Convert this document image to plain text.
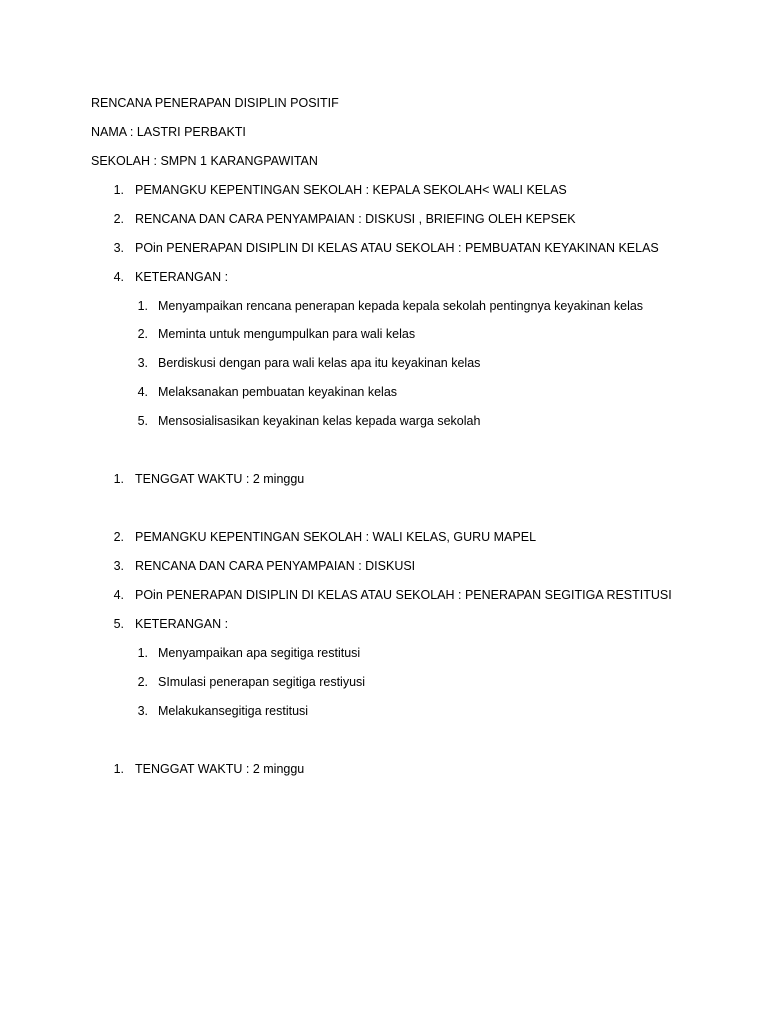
RENCANA PENERAPAN DISIPLIN POSITIF
NAMA : LASTRI PERBAKTI
SEKOLAH : SMPN 1 KARANGPAWITAN
1. PEMANGKU KEPENTINGAN SEKOLAH : KEPALA SEKOLAH< WALI KELAS
2. RENCANA DAN CARA PENYAMPAIAN : DISKUSI , BRIEFING OLEH KEPSEK
3. POin PENERAPAN DISIPLIN DI KELAS ATAU SEKOLAH : PEMBUATAN KEYAKINAN KELAS
4. KETERANGAN :
1. Menyampaikan rencana penerapan kepada kepala sekolah pentingnya keyakinan kelas
2. Meminta untuk mengumpulkan para wali kelas
3. Berdiskusi dengan para wali kelas apa itu keyakinan kelas
4. Melaksanakan pembuatan keyakinan kelas
5. Mensosialisasikan keyakinan kelas kepada warga sekolah
1. TENGGAT WAKTU : 2 minggu
2. PEMANGKU KEPENTINGAN SEKOLAH : WALI KELAS, GURU MAPEL
3. RENCANA DAN CARA PENYAMPAIAN : DISKUSI
4. POin PENERAPAN DISIPLIN DI KELAS ATAU SEKOLAH : PENERAPAN SEGITIGA RESTITUSI
5. KETERANGAN :
1. Menyampaikan apa segitiga restitusi
2. SImulasi penerapan segitiga restiyusi
3. Melakukansegitiga restitusi
1. TENGGAT WAKTU : 2 minggu
